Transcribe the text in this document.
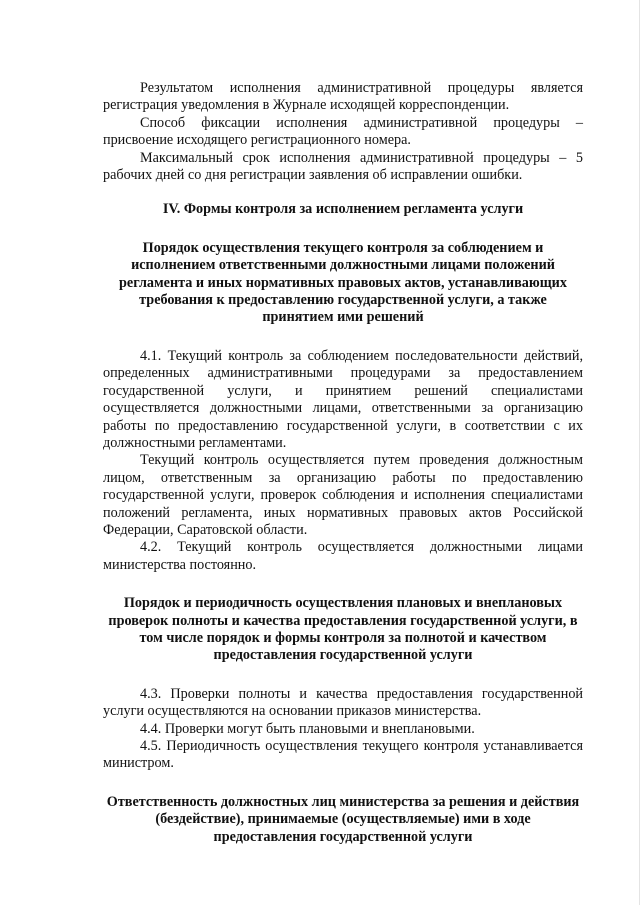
Результатом исполнения административной процедуры является регистрация уведомления в Журнале исходящей корреспонденции.

Способ фиксации исполнения административной процедуры – присвоение исходящего регистрационного номера.

Максимальный срок исполнения административной процедуры – 5 рабочих дней со дня регистрации заявления об исправлении ошибки.

IV. Формы контроля за исполнением регламента услуги
Порядок осуществления текущего контроля за соблюдением и исполнением ответственными должностными лицами положений регламента и иных нормативных правовых актов, устанавливающих требования к предоставлению государственной услуги, а также принятием ими решений

4.1. Текущий контроль за соблюдением последовательности действий, определенных административными процедурами за предоставлением государственной услуги, и принятием решений специалистами осуществляется должностными лицами, ответственными за организацию работы по предоставлению государственной услуги, в соответствии с их должностными регламентами.

Текущий контроль осуществляется путем проведения должностным лицом, ответственным за организацию работы по предоставлению государственной услуги, проверок соблюдения и исполнения специалистами положений регламента, иных нормативных правовых актов Российской Федерации, Саратовской области.

4.2. Текущий контроль осуществляется должностными лицами министерства постоянно.

Порядок и периодичность осуществления плановых и внеплановых проверок полноты и качества предоставления государственной услуги, в том числе порядок и формы контроля за полнотой и качеством предоставления государственной услуги

4.3. Проверки полноты и качества предоставления государственной услуги осуществляются на основании приказов министерства.

4.4. Проверки могут быть плановыми и внеплановыми.

4.5. Периодичность осуществления текущего контроля устанавливается министром.

Ответственность должностных лиц министерства за решения и действия (бездействие), принимаемые (осуществляемые) ими в ходе предоставления государственной услуги
